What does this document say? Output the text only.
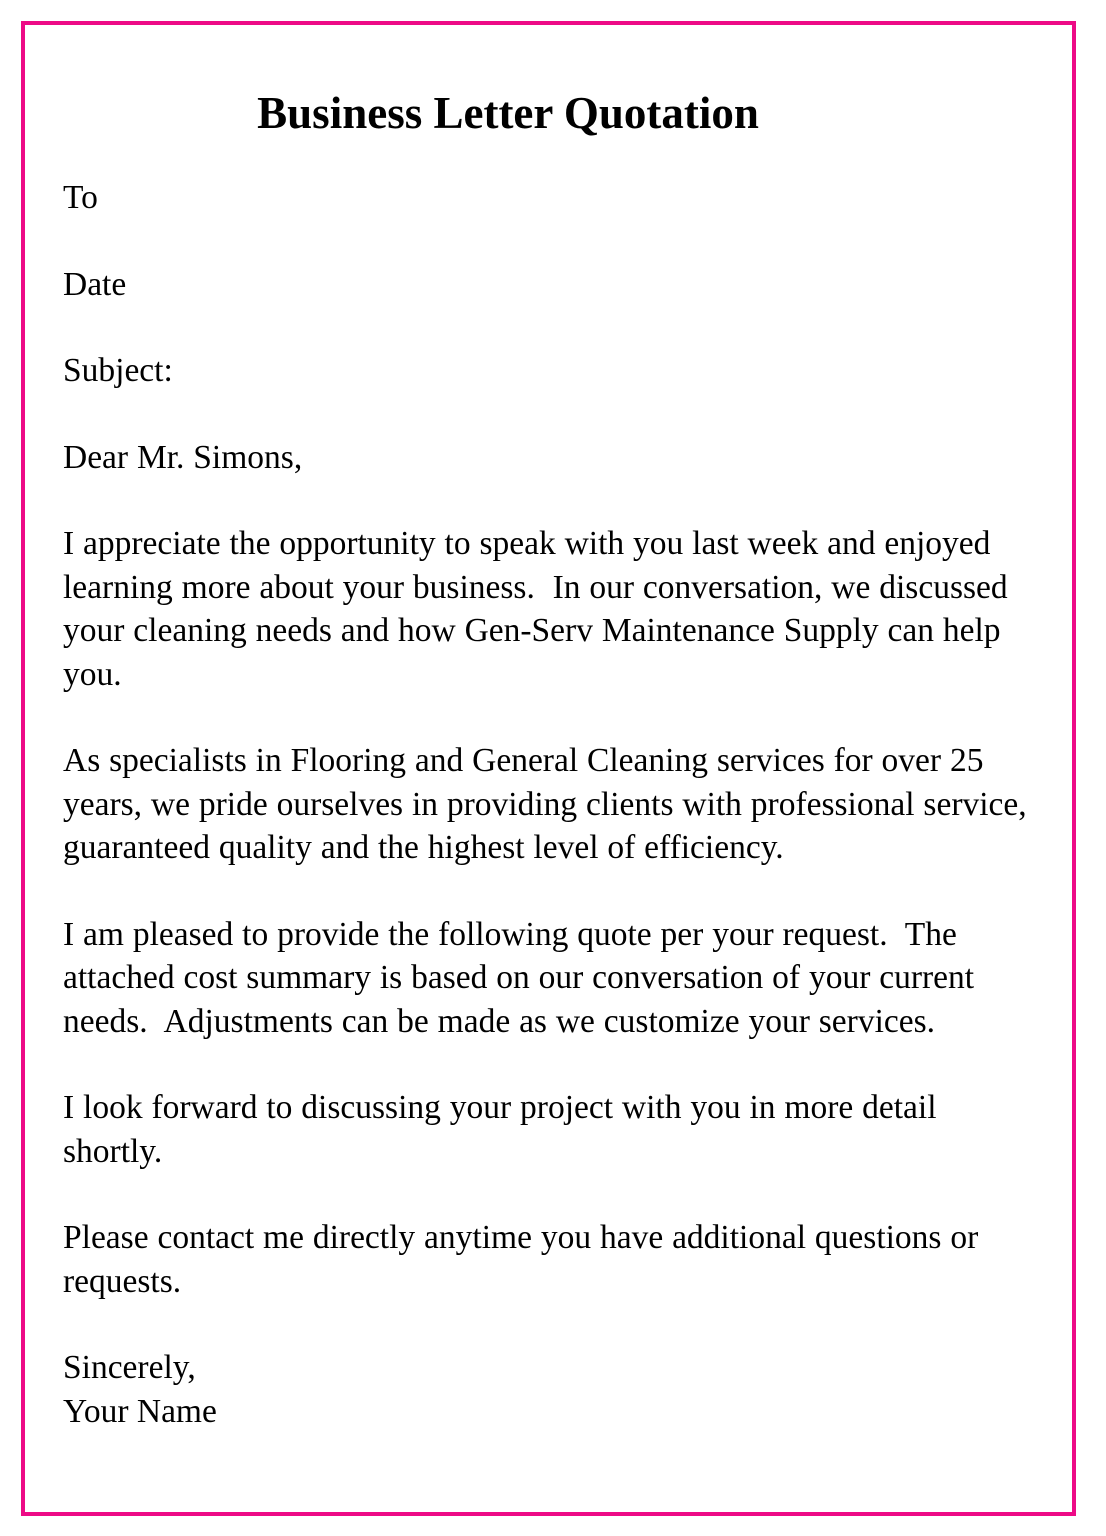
Business Letter Quotation

To

Date

Subject:

Dear Mr. Simons,

I appreciate the opportunity to speak with you last week and enjoyed learning more about your business.  In our conversation, we discussed your cleaning needs and how Gen-Serv Maintenance Supply can help you.

As specialists in Flooring and General Cleaning services for over 25 years, we pride ourselves in providing clients with professional service, guaranteed quality and the highest level of efficiency.

I am pleased to provide the following quote per your request.  The attached cost summary is based on our conversation of your current needs.  Adjustments can be made as we customize your services.

I look forward to discussing your project with you in more detail shortly.

Please contact me directly anytime you have additional questions or requests.

Sincerely,

Your Name
